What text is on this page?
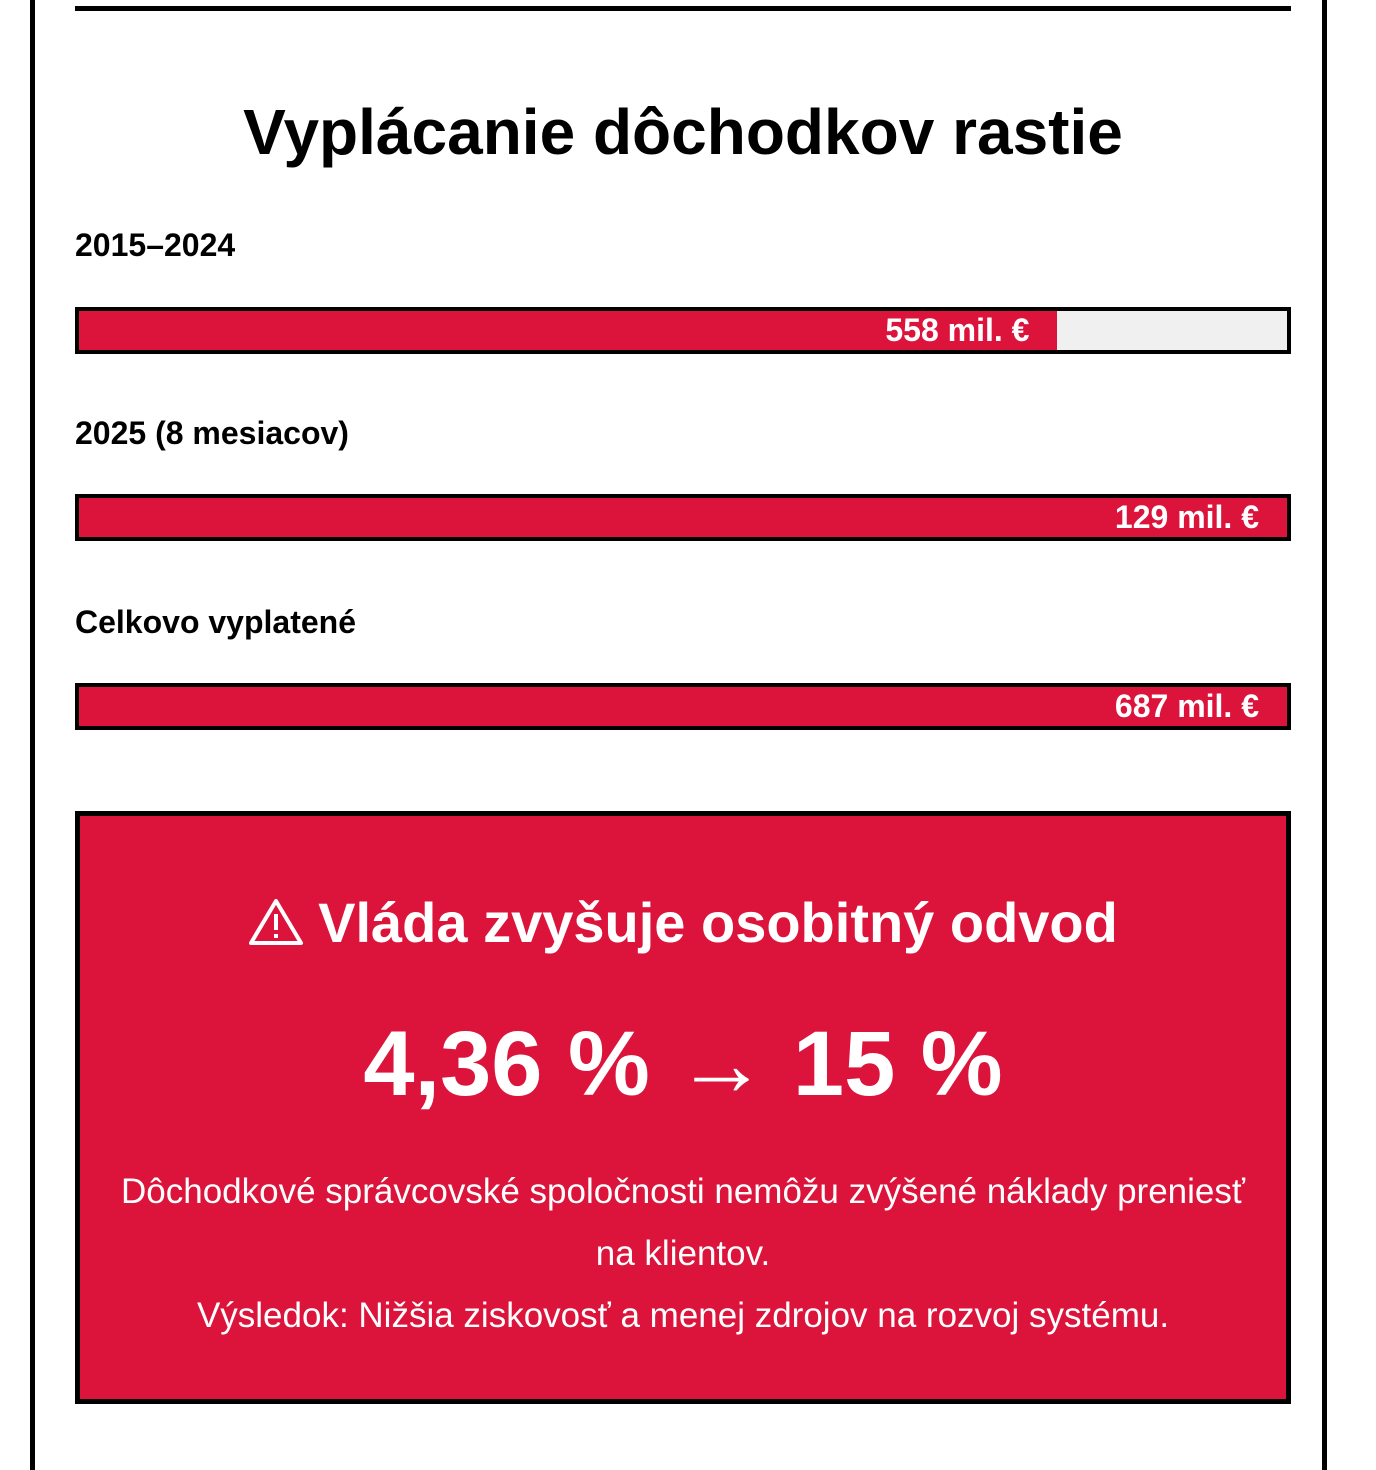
Vyplácanie dôchodkov rastie
2015–2024
558 mil. €
2025 (8 mesiacov)
129 mil. €
Celkovo vyplatené
687 mil. €
Vláda zvyšuje osobitný odvod
4,36 % → 15 %

Dôchodkové správcovské spoločnosti nemôžu zvýšené náklady preniesť na klientov.

Výsledok: Nižšia ziskovosť a menej zdrojov na rozvoj systému.
